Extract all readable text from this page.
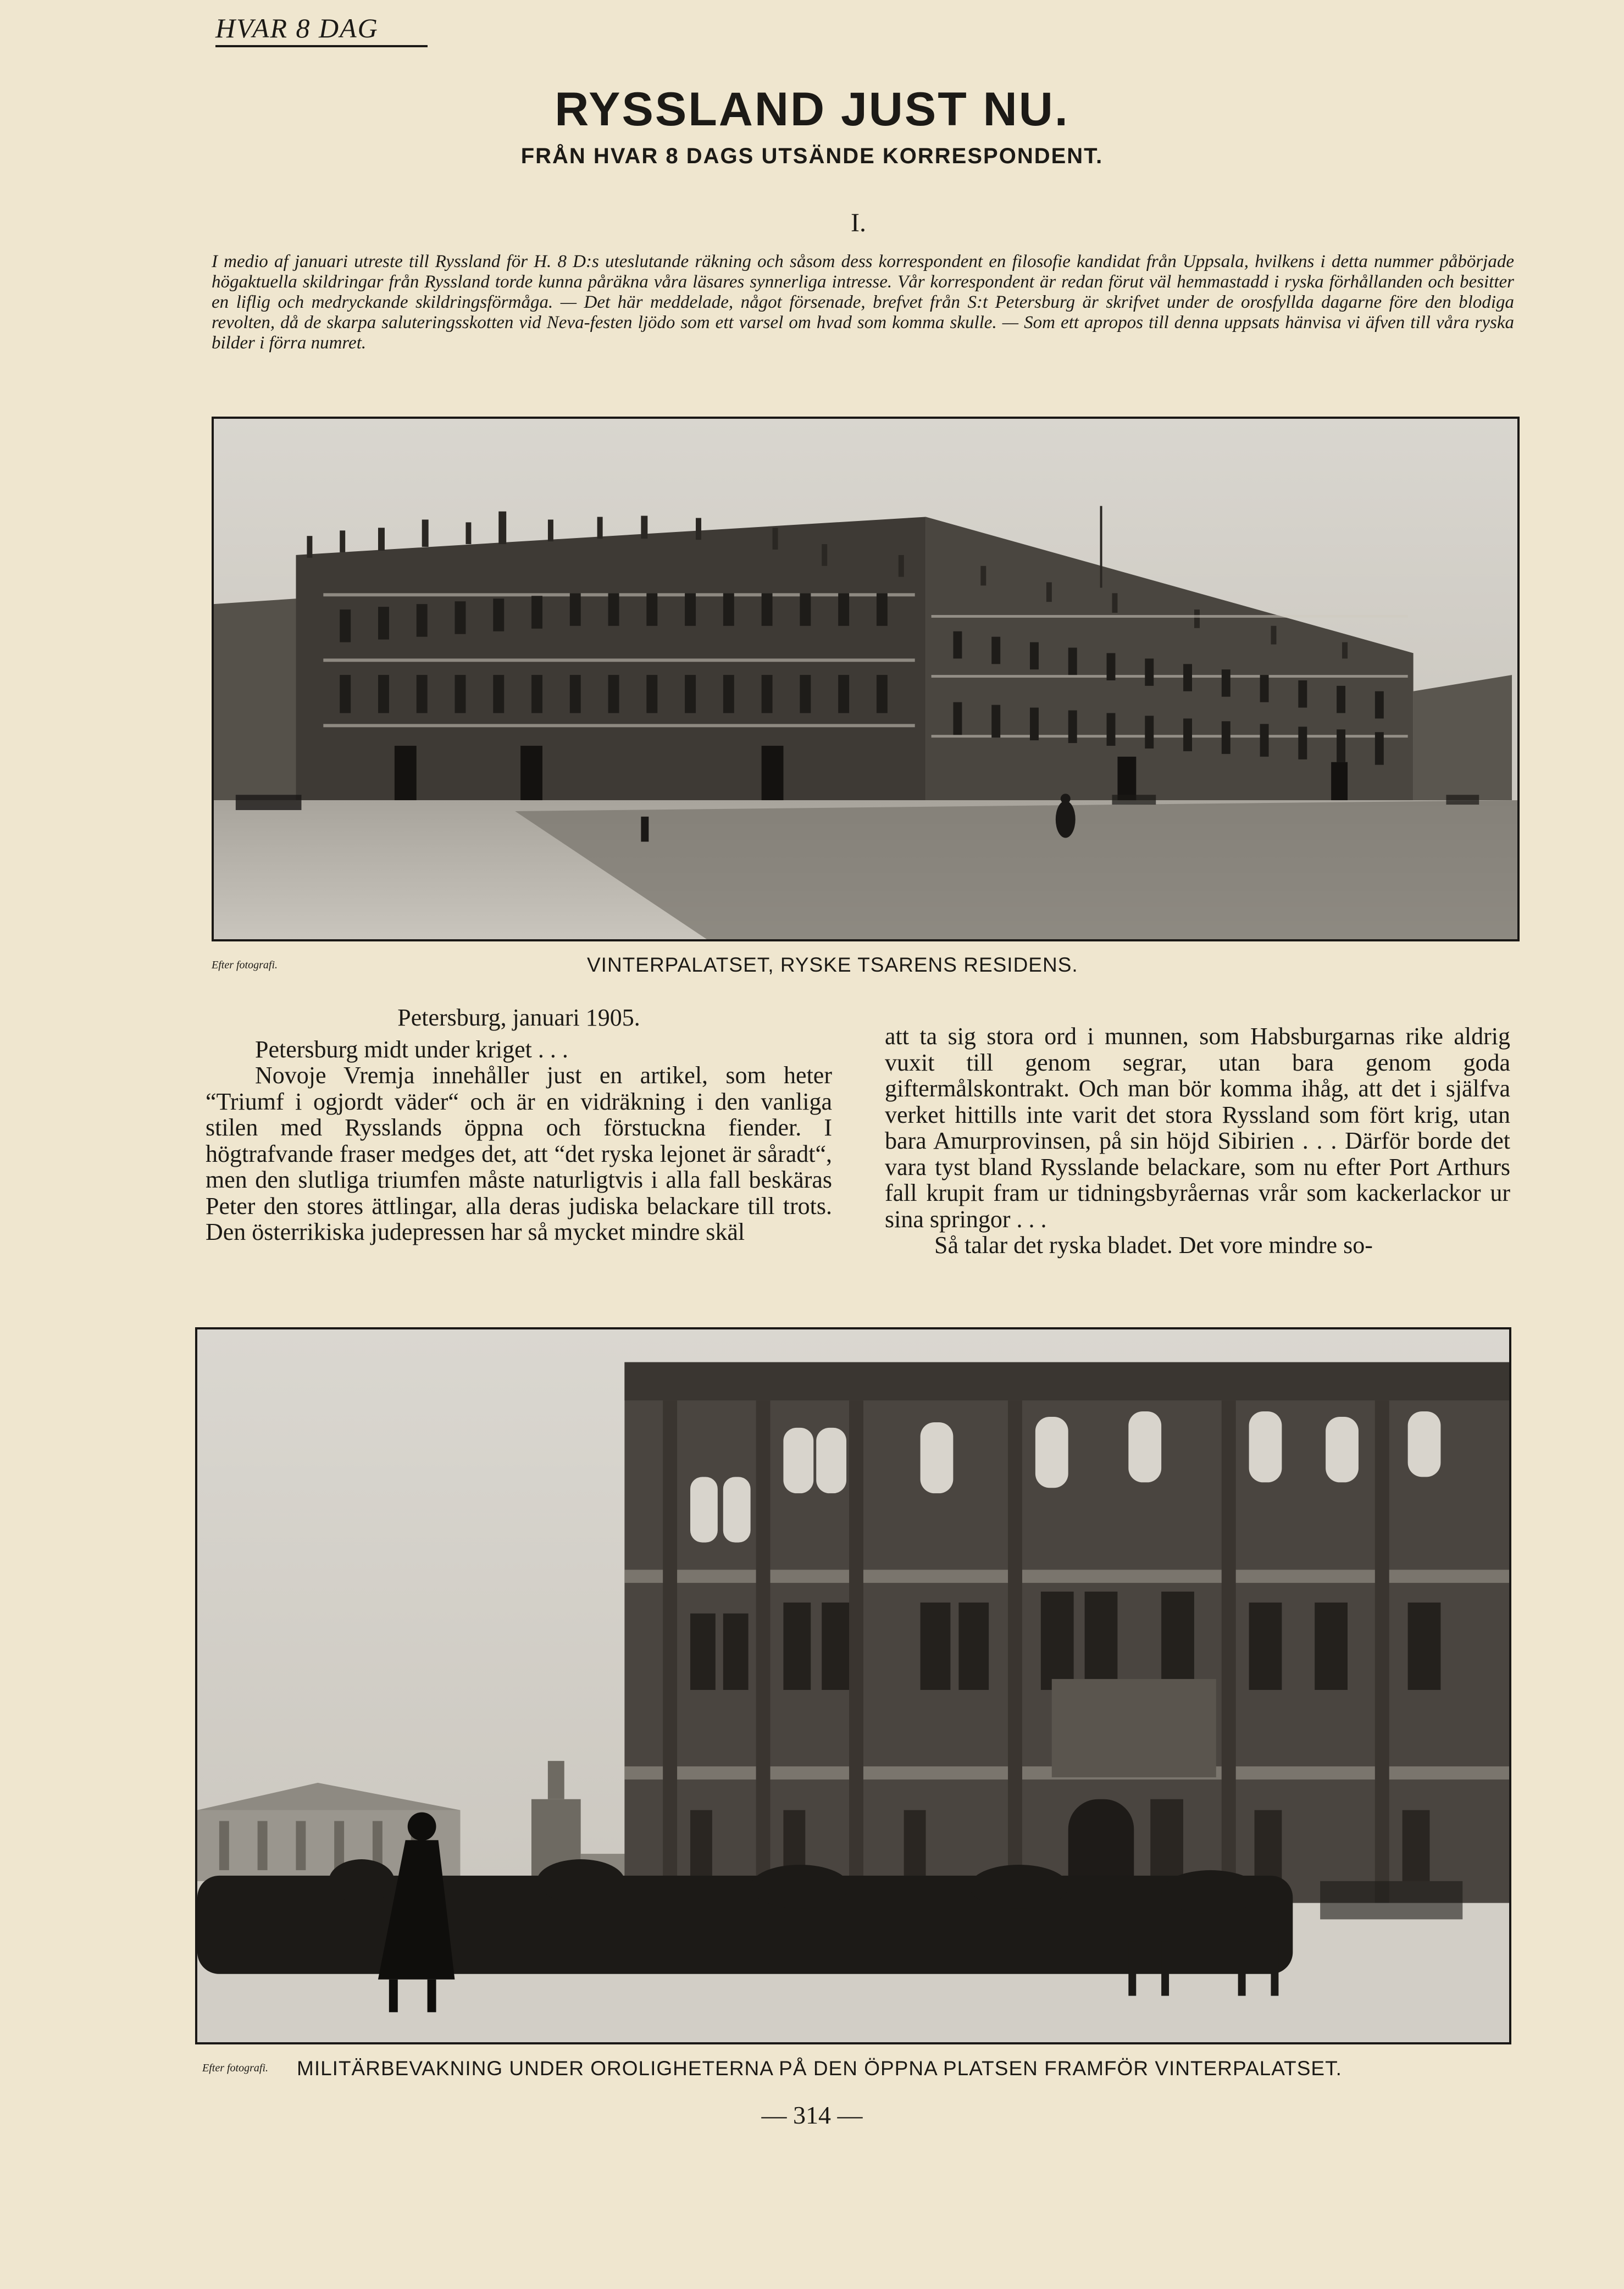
HVAR 8 DAG
RYSSLAND JUST NU.
FRÅN HVAR 8 DAGS UTSÄNDE KORRESPONDENT.
I.
I medio af januari utreste till Ryssland för H. 8 D:s uteslutande räkning och såsom dess korrespondent en filosofie kandidat från Uppsala, hvilkens i detta nummer påbörjade högaktuella skildringar från Ryssland torde kunna påräkna våra läsares synnerliga intresse. Vår korrespondent är redan förut väl hemmastadd i ryska förhållanden och besitter en liflig och medryckande skildringsförmåga. — Det här meddelade, något försenade, brefvet från S:t Petersburg är skrifvet under de orosfyllda dagarne före den blodiga revolten, då de skarpa saluteringsskotten vid Neva-festen ljödo som ett varsel om hvad som komma skulle. — Som ett apropos till denna uppsats hänvisa vi äfven till våra ryska bilder i förra numret.
Efter fotografi.	VINTERPALATSET, RYSKE TSARENS RESIDENS.

Petersburg, januari 1905.

Petersburg midt under kriget . . .

Novoje Vremja innehåller just en artikel, som heter “Triumf i ogjordt väder“ och är en vidräkning i den vanliga stilen med Rysslands öppna och förstuckna fiender. I högtrafvande fraser medges det, att “det ryska lejonet är såradt“, men den slutliga triumfen måste naturligtvis i alla fall beskäras Peter den stores ättlingar, alla deras judiska belackare till trots. Den österrikiska judepressen har så mycket mindre skäl

att ta sig stora ord i munnen, som Habsburgarnas rike aldrig vuxit till genom segrar, utan bara genom goda giftermålskontrakt. Och man bör komma ihåg, att det i själfva verket hittills inte varit det stora Ryssland som fört krig, utan bara Amurprovinsen, på sin höjd Sibirien . . . Därför borde det vara tyst bland Rysslande belackare, som nu efter Port Arthurs fall krupit fram ur tidningsbyråernas vrår som kackerlackor ur sina springor . . .

Så talar det ryska bladet. Det vore mindre so-

Efter fotografi. MILITÄRBEVAKNING UNDER OROLIGHETERNA PÅ DEN ÖPPNA PLATSEN FRAMFÖR VINTERPALATSET.
— 314 —
